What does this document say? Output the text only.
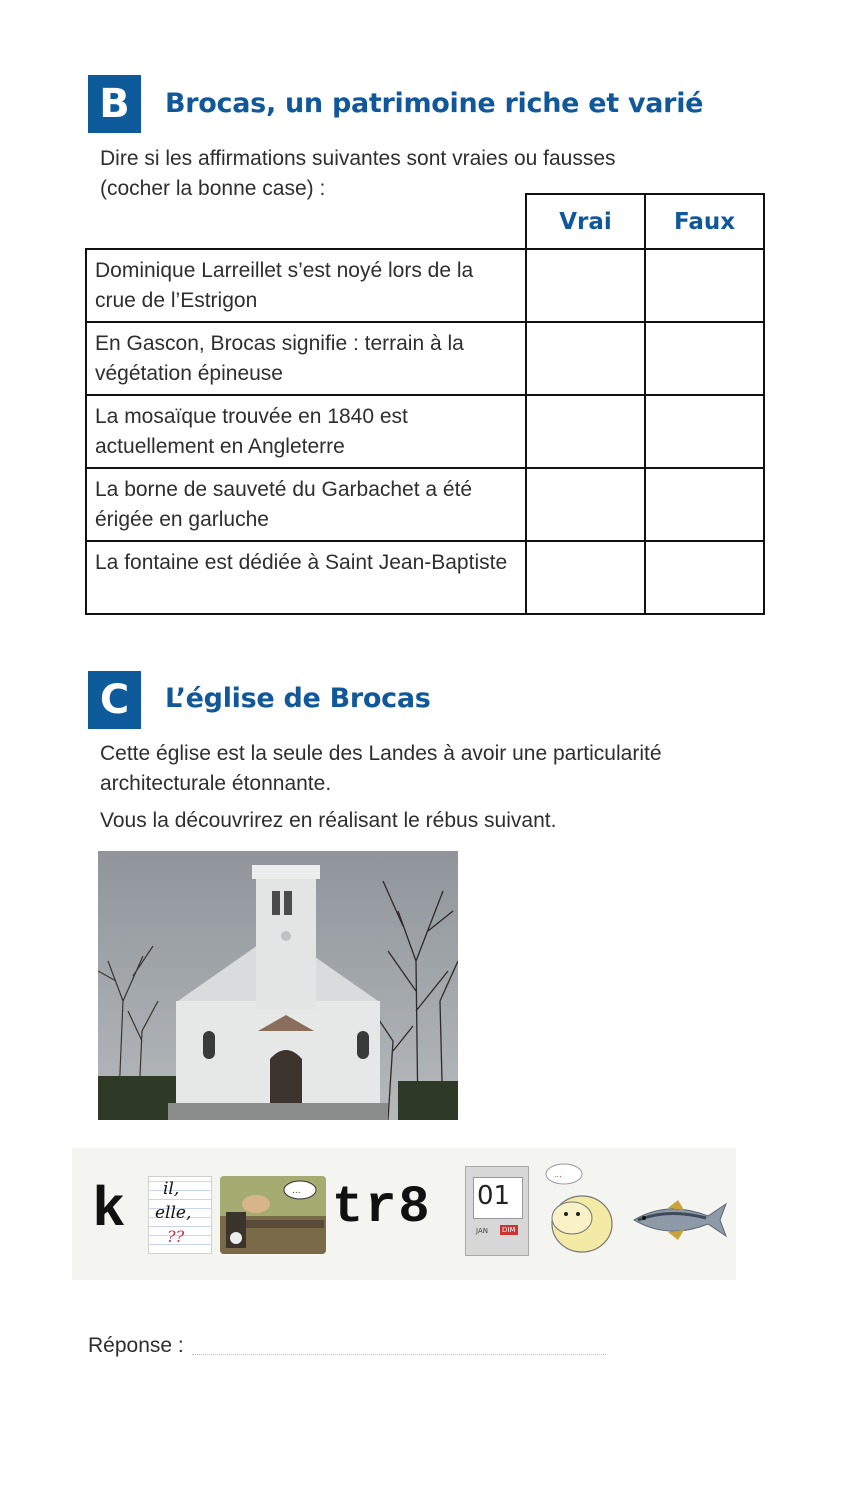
B Brocas, un patrimoine riche et varié
Dire si les affirmations suivantes sont vraies ou fausses
(cocher la bonne case) :
	Vrai	Faux

Dominique Larreillet s’est noyé lors de la
crue de l’Estrigon		

En Gascon, Brocas signifie : terrain à la
végétation épineuse		

La mosaïque trouvée en 1840 est
actuellement en Angleterre		

La borne de sauveté du Garbachet a été
érigée en garluche		

La fontaine est dédiée à Saint Jean-Baptiste		

C L’église de Brocas
Cette église est la seule des Landes à avoir une particularité
architecturale étonnante.
Vous la découvrirez en réalisant le rébus suivant.
k il,
elle,
??
... tr8 01
JAN DIM
...
Réponse :
